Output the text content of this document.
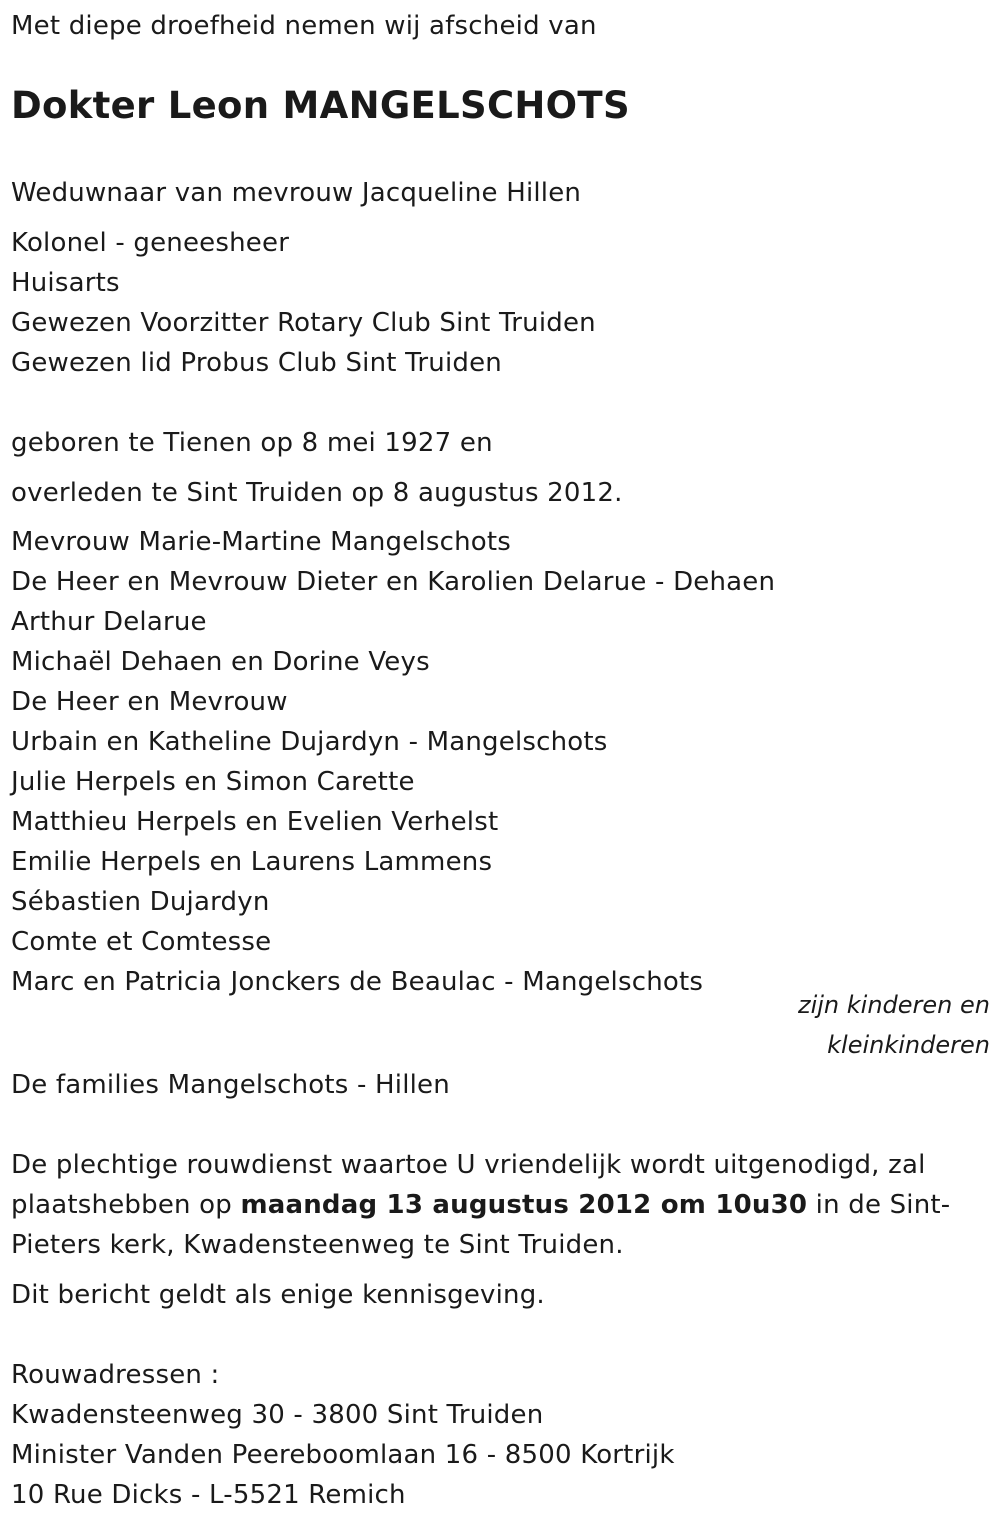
Met diepe droefheid nemen wij afscheid van
Dokter Leon MANGELSCHOTS
Weduwnaar van mevrouw Jacqueline Hillen
Kolonel - geneesheer
Huisarts
Gewezen Voorzitter Rotary Club Sint Truiden
Gewezen lid Probus Club Sint Truiden
geboren te Tienen op 8 mei 1927 en
overleden te Sint Truiden op 8 augustus 2012.
Mevrouw Marie-Martine Mangelschots
De Heer en Mevrouw Dieter en Karolien Delarue - Dehaen
Arthur Delarue
Michaël Dehaen en Dorine Veys
De Heer en Mevrouw
Urbain en Katheline Dujardyn - Mangelschots
Julie Herpels en Simon Carette
Matthieu Herpels en Evelien Verhelst
Emilie Herpels en Laurens Lammens
Sébastien Dujardyn
Comte et Comtesse
Marc en Patricia Jonckers de Beaulac - Mangelschots
zijn kinderen en
kleinkinderen
De families Mangelschots - Hillen
De plechtige rouwdienst waartoe U vriendelijk wordt uitgenodigd, zal plaatshebben op maandag 13 augustus 2012 om 10u30 in de Sint-Pieters kerk, Kwadensteenweg te Sint Truiden.
Dit bericht geldt als enige kennisgeving.
Rouwadressen :
Kwadensteenweg 30 - 3800 Sint Truiden
Minister Vanden Peereboomlaan 16 - 8500 Kortrijk
10 Rue Dicks - L-5521 Remich
